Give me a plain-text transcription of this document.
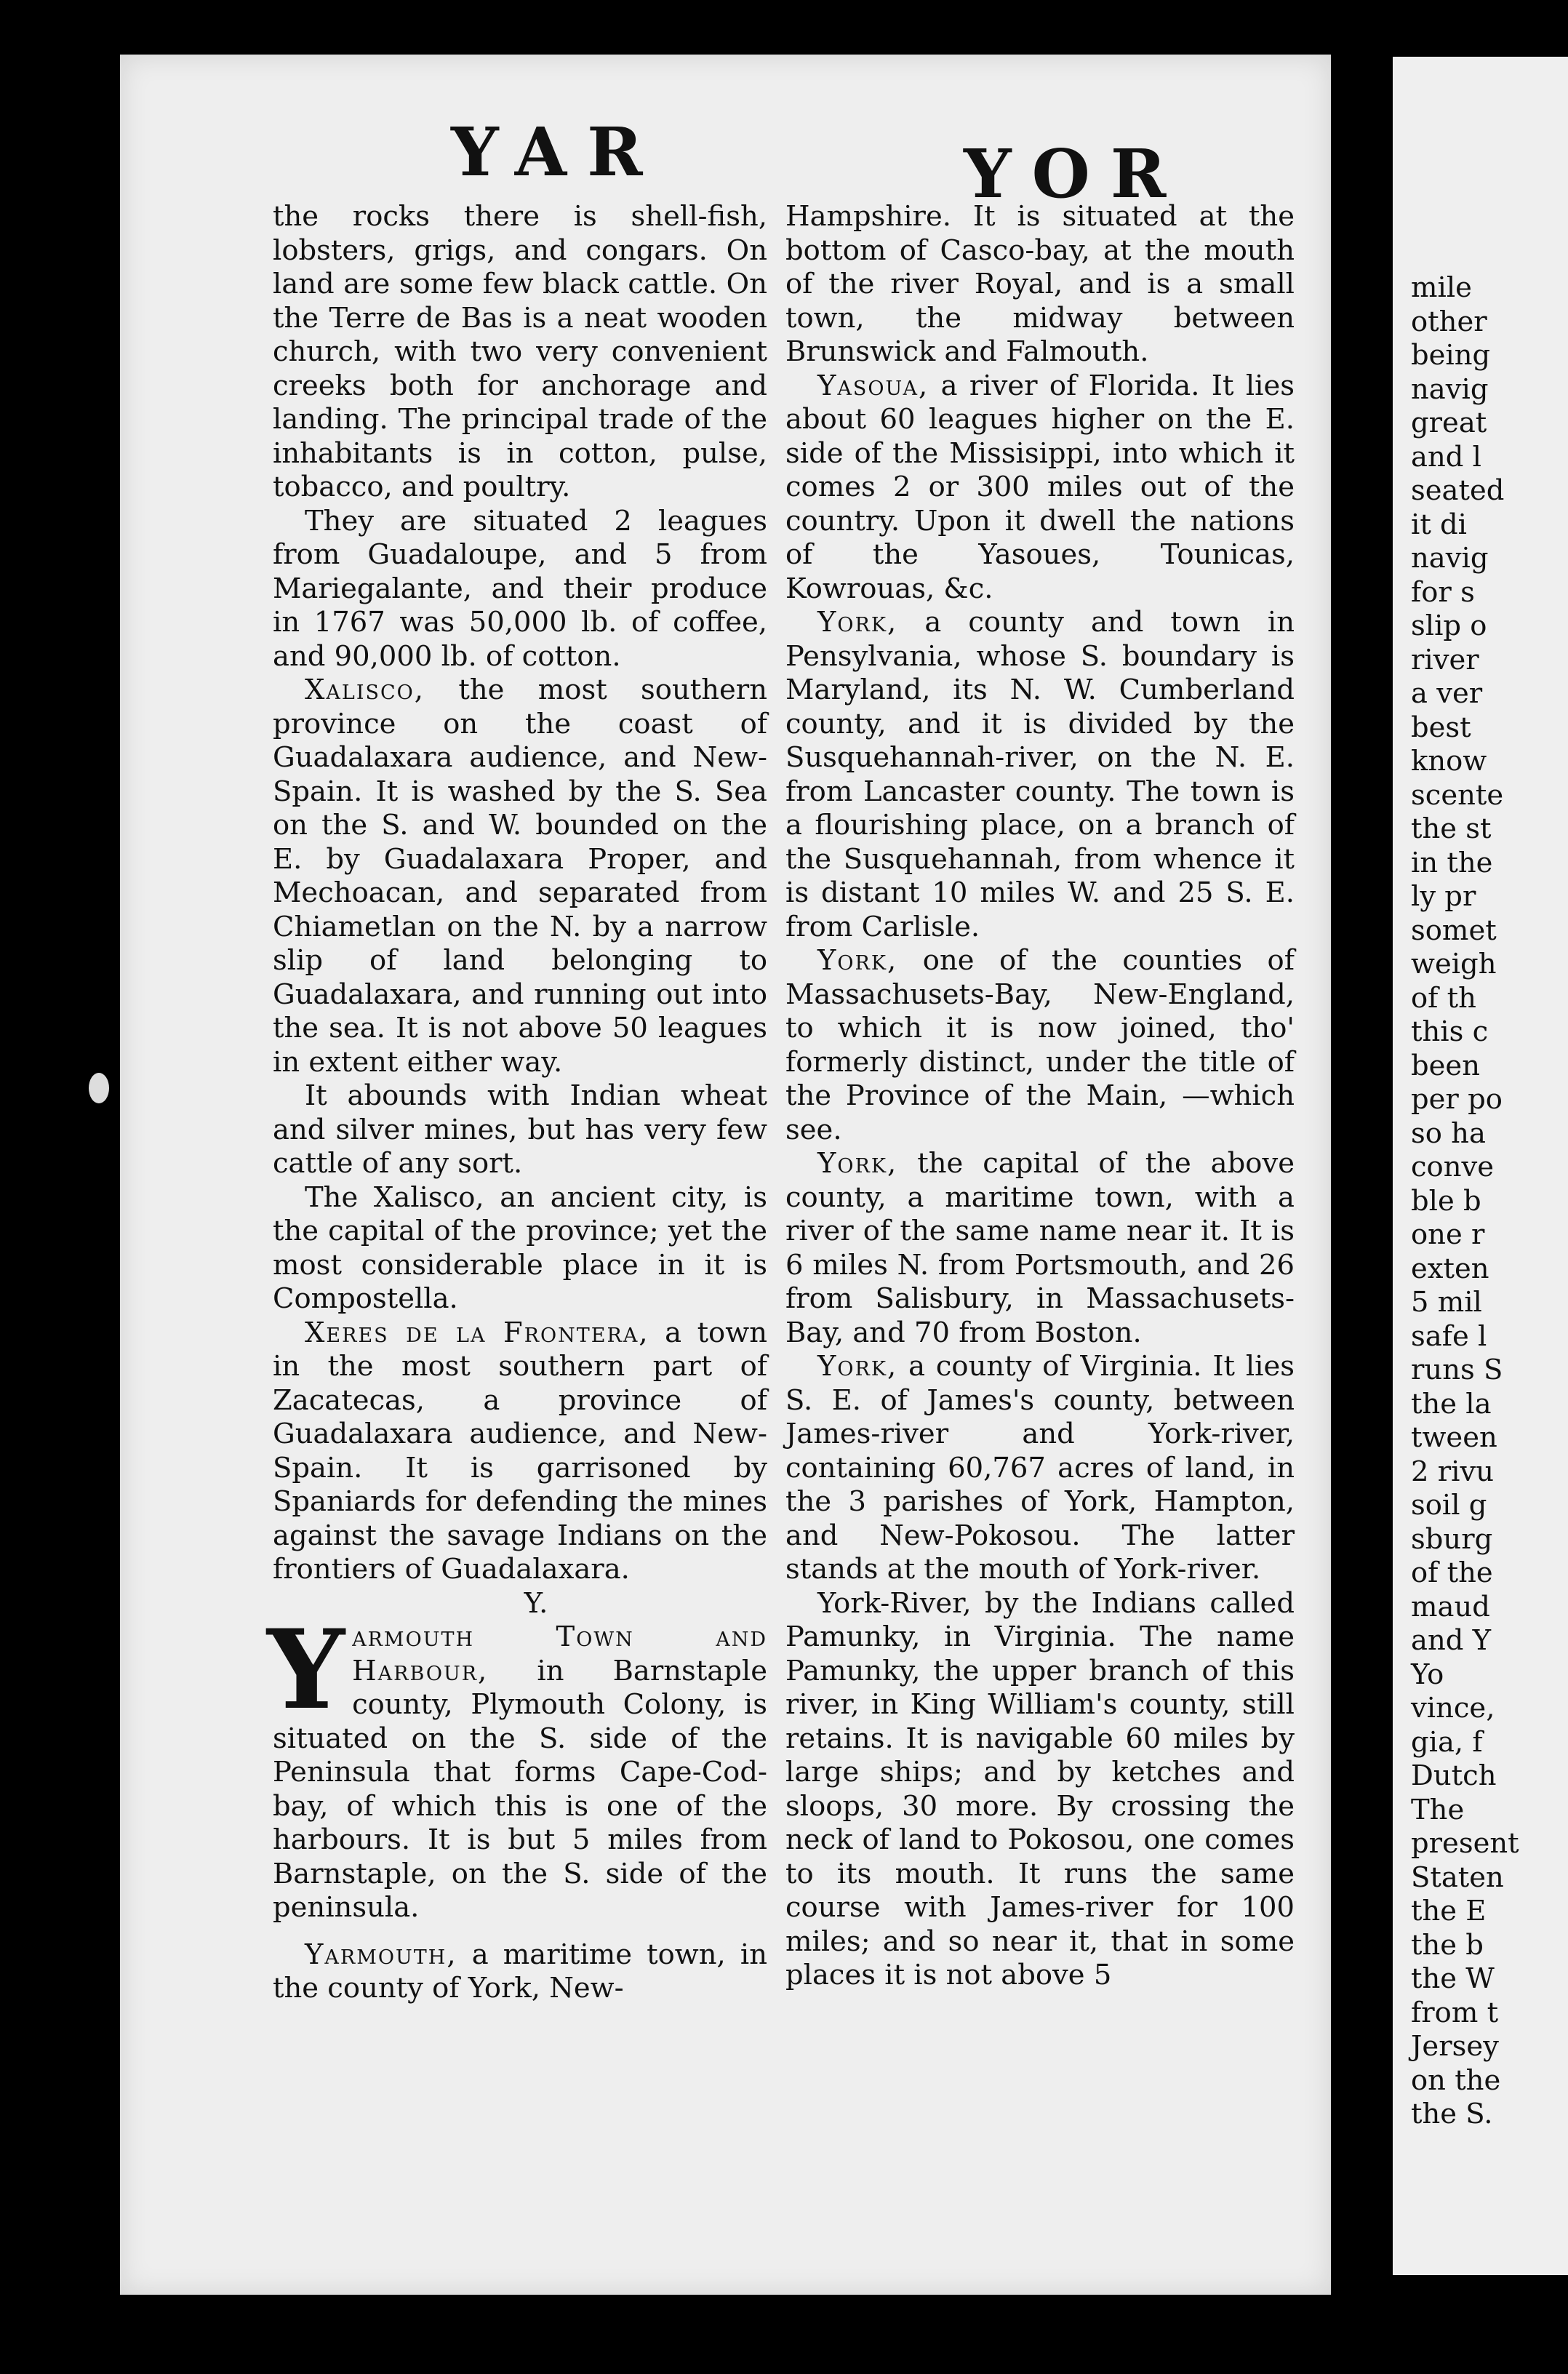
mile
other
being
navig
great
and l
seated
it di
navig
for s
slip o
river
a ver
best
know
scente
the st
in the
ly pr
somet
weigh
of th
this c
been
per po
so ha
conve
ble b
one r
exten
5 mil
safe l
runs S
the la
tween
2 rivu
soil g
sburg
of the
maud
and Y
Yo
vince,
gia, f
Dutch
The
present
Staten
the E
the b
the W
from t
Jersey
on the
the S.
YAR	YOR

the rocks there is shell-fish, lobsters, grigs, and congars. On land are some few black cattle. On the Terre de Bas is a neat wooden church, with two very convenient creeks both for anchorage and landing. The principal trade of the inhabitants is in cotton, pulse, tobacco, and poultry.

They are situated 2 leagues from Guadaloupe, and 5 from Mariegalante, and their produce in 1767 was 50,000 lb. of coffee, and 90,000 lb. of cotton.

Xalisco, the most southern province on the coast of Guadalaxara audience, and New-Spain. It is washed by the S. Sea on the S. and W. bounded on the E. by Guadalaxara Proper, and Mechoacan, and separated from Chiametlan on the N. by a narrow slip of land belonging to Guadalaxara, and running out into the sea. It is not above 50 leagues in extent either way.

It abounds with Indian wheat and silver mines, but has very few cattle of any sort.

The Xalisco, an ancient city, is the capital of the province; yet the most considerable place in it is Compostella.

Xeres de la Frontera, a town in the most southern part of Zacatecas, a province of Guadalaxara audience, and New-Spain. It is garrisoned by Spaniards for defending the mines against the savage Indians on the frontiers of Guadalaxara.

Y.

Yarmouth Town and Harbour, in Barnstaple county, Plymouth Colony, is situated on the S. side of the Peninsula that forms Cape-Cod-bay, of which this is one of the harbours. It is but 5 miles from Barnstaple, on the S. side of the peninsula.

Yarmouth, a maritime town, in the county of York, New-

Hampshire. It is situated at the bottom of Casco-bay, at the mouth of the river Royal, and is a small town, the midway between Brunswick and Falmouth.

Yasoua, a river of Florida. It lies about 60 leagues higher on the E. side of the Missisippi, into which it comes 2 or 300 miles out of the country. Upon it dwell the nations of the Yasoues, Tounicas, Kowrouas, &c.

York, a county and town in Pensylvania, whose S. boundary is Maryland, its N. W. Cumberland county, and it is divided by the Susquehannah-river, on the N. E. from Lancaster county. The town is a flourishing place, on a branch of the Susquehannah, from whence it is distant 10 miles W. and 25 S. E. from Carlisle.

York, one of the counties of Massachusets-Bay, New-England, to which it is now joined, tho' formerly distinct, under the title of the Province of the Main, —which see.

York, the capital of the above county, a maritime town, with a river of the same name near it. It is 6 miles N. from Portsmouth, and 26 from Salisbury, in Massachusets-Bay, and 70 from Boston.

York, a county of Virginia. It lies S. E. of James's county, between James-river and York-river, containing 60,767 acres of land, in the 3 parishes of York, Hampton, and New-Pokosou. The latter stands at the mouth of York-river.

York-River, by the Indians called Pamunky, in Virginia. The name Pamunky, the upper branch of this river, in King William's county, still retains. It is navigable 60 miles by large ships; and by ketches and sloops, 30 more. By crossing the neck of land to Pokosou, one comes to its mouth. It runs the same course with James-river for 100 miles; and so near it, that in some places it is not above 5
